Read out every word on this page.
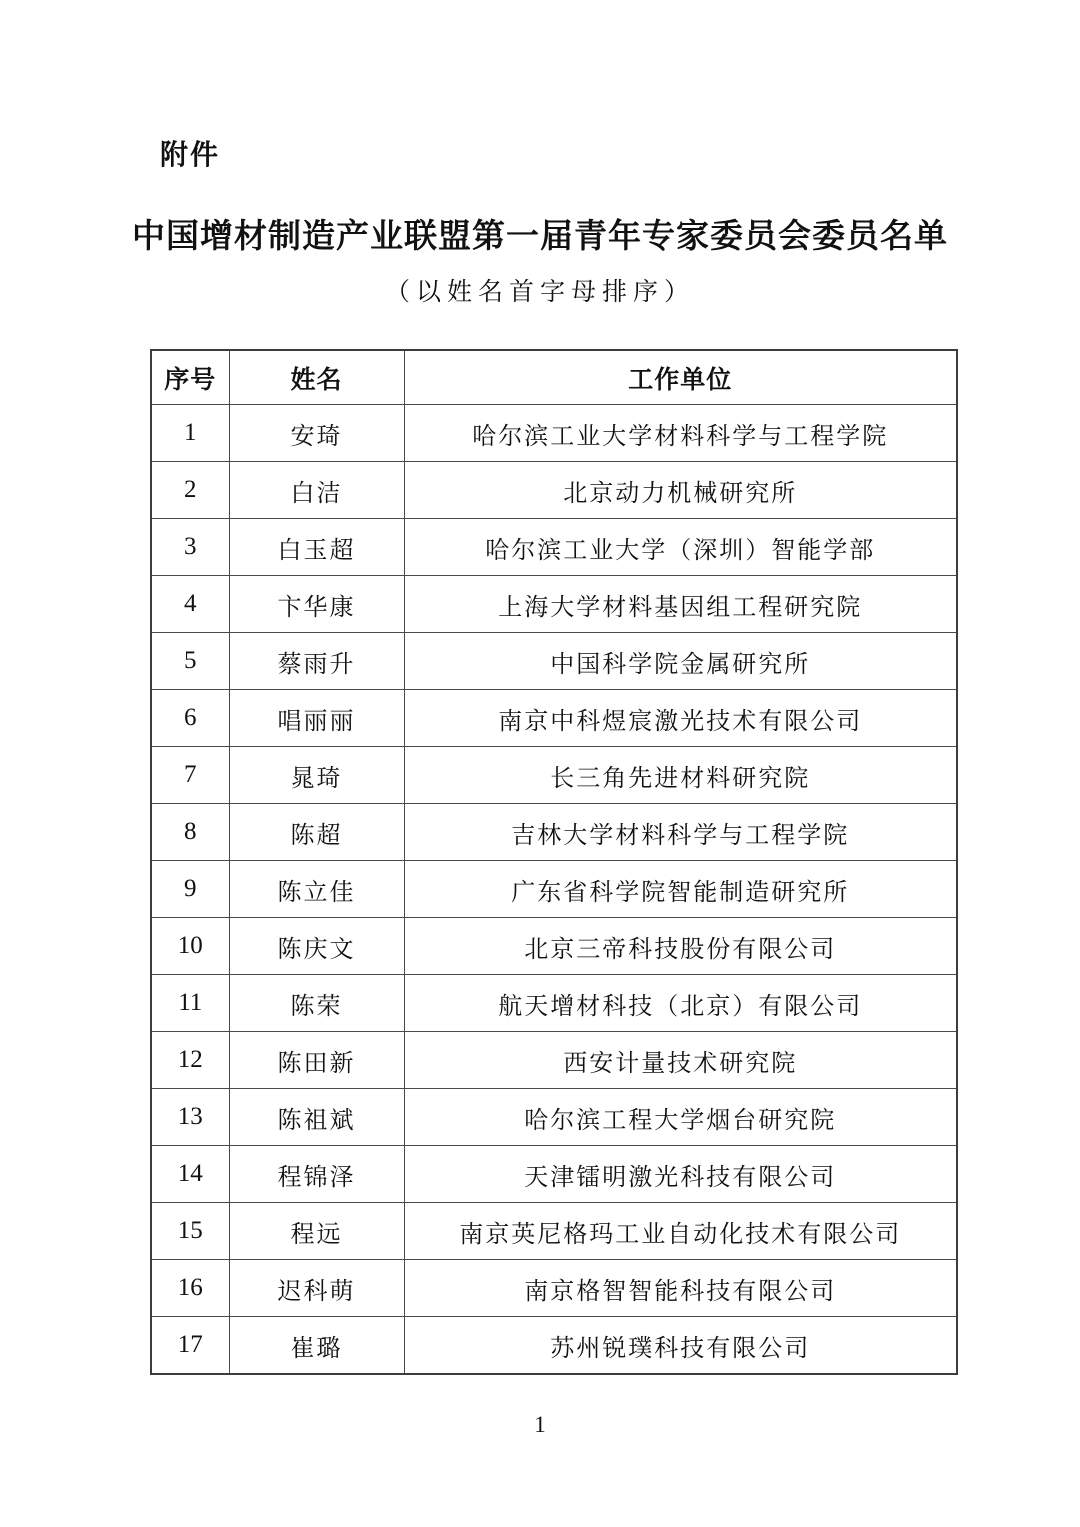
附件
中国增材制造产业联盟第一届青年专家委员会委员名单
（以姓名首字母排序）
序号	姓名	工作单位
1	安琦	哈尔滨工业大学材料科学与工程学院
2	白洁	北京动力机械研究所
3	白玉超	哈尔滨工业大学（深圳）智能学部
4	卞华康	上海大学材料基因组工程研究院
5	蔡雨升	中国科学院金属研究所
6	唱丽丽	南京中科煜宸激光技术有限公司
7	晁琦	长三角先进材料研究院
8	陈超	吉林大学材料科学与工程学院
9	陈立佳	广东省科学院智能制造研究所
10	陈庆文	北京三帝科技股份有限公司
11	陈荣	航天增材科技（北京）有限公司
12	陈田新	西安计量技术研究院
13	陈祖斌	哈尔滨工程大学烟台研究院
14	程锦泽	天津镭明激光科技有限公司
15	程远	南京英尼格玛工业自动化技术有限公司
16	迟科萌	南京格智智能科技有限公司
17	崔璐	苏州锐璞科技有限公司
1
